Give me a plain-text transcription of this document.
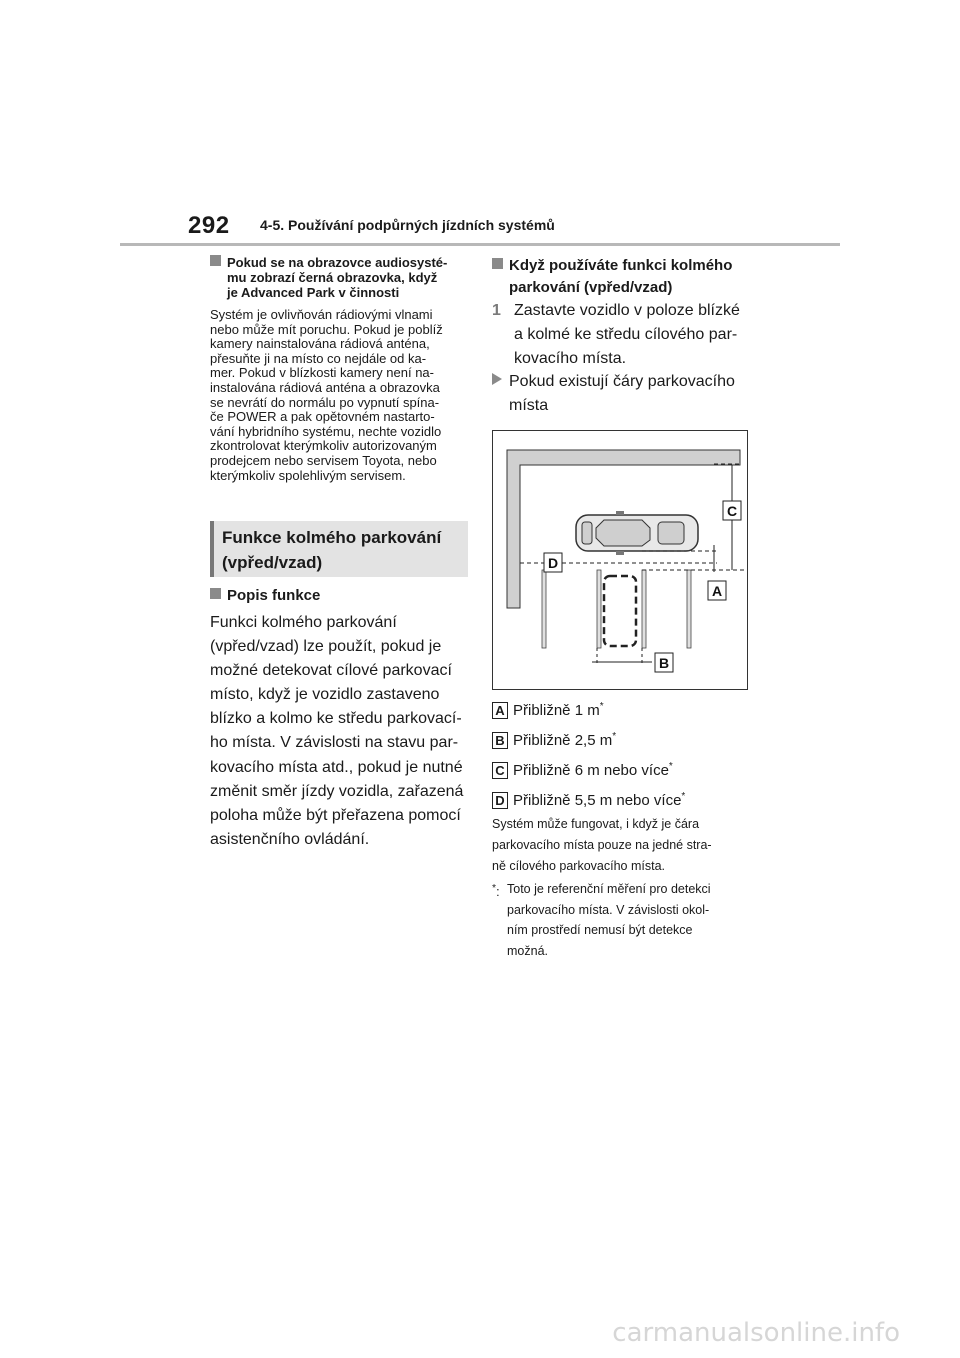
292 4-5. Používání podpůrných jízdních systémů
Pokud se na obrazovce audiosysté-
mu zobrazí černá obrazovka, když
je Advanced Park v činnosti
Systém je ovlivňován rádiovými vlnami
nebo může mít poruchu. Pokud je poblíž
kamery nainstalována rádiová anténa,
přesuňte ji na místo co nejdále od ka-
mer. Pokud v blízkosti kamery není na-
instalována rádiová anténa a obrazovka
se nevrátí do normálu po vypnutí spína-
če POWER a pak opětovném nastarto-
vání hybridního systému, nechte vozidlo
zkontrolovat kterýmkoliv autorizovaným
prodejcem nebo servisem Toyota, nebo
kterýmkoliv spolehlivým servisem.
Funkce kolmého parkování
(vpřed/vzad)
Popis funkce
Funkci kolmého parkování
(vpřed/vzad) lze použít, pokud je
možné detekovat cílové parkovací
místo, když je vozidlo zastaveno
blízko a kolmo ke středu parkovací-
ho místa. V závislosti na stavu par-
kovacího místa atd., pokud je nutné
změnit směr jízdy vozidla, zařazená
poloha může být přeřazena pomocí
asistenčního ovládání.
Když používáte funkci kolmého
parkování (vpřed/vzad)
1 Zastavte vozidlo v poloze blízké
a kolmé ke středu cílového par-
kovacího místa.
Pokud existují čáry parkovacího
místa
C
D
A
B
A Přibližně 1 m*
B Přibližně 2,5 m*
C Přibližně 6 m nebo více*
D Přibližně 5,5 m nebo více*
Systém může fungovat, i když je čára
parkovacího místa pouze na jedné stra-
ně cílového parkovacího místa.
*: Toto je referenční měření pro detekci
parkovacího místa. V závislosti okol-
ním prostředí nemusí být detekce
možná.
carmanualsonline.info
